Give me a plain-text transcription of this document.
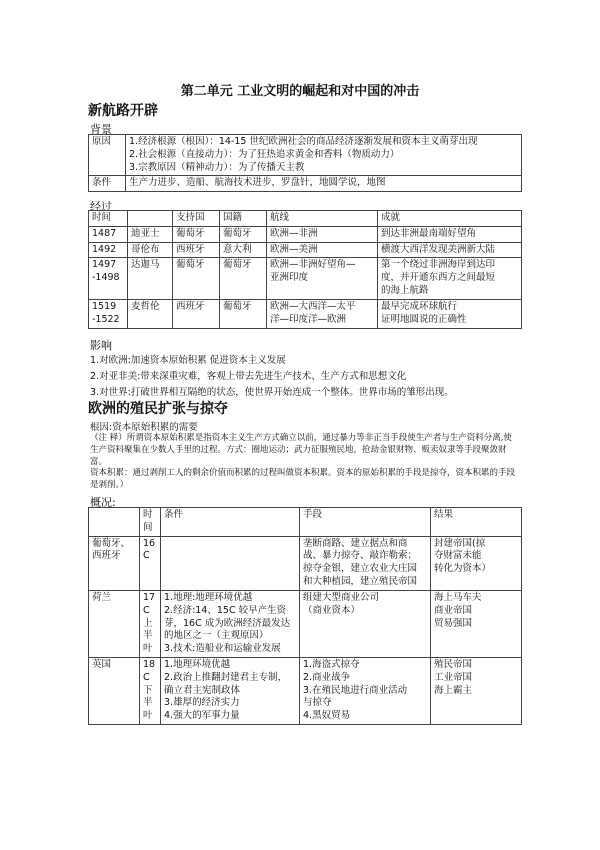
第二单元 工业文明的崛起和对中国的冲击
新航路开辟
背景
原因	1.经济根源（根因）：14-15 世纪欧洲社会的商品经济逐渐发展和资本主义萌芽出现
2.社会根源（直接动力）：为了狂热追求黄金和香料（物质动力）
3.宗教原因（精神动力）：为了传播天主教

条件	生产力进步、造船、航海技术进步，罗盘针，地圆学说，地图
经过
时间		支持国	国籍	航线	成就
1487	迪亚士	葡萄牙	葡萄牙	欧洲—非洲	到达非洲最南端好望角
1492	哥伦布	西班牙	意大利	欧洲—美洲	横渡大西洋发现美洲新大陆
1497
-1498	达迦马	葡萄牙	葡萄牙	欧洲—非洲好望角—
亚洲印度	第一个绕过非洲海岸到达印
度，并开通东西方之间最短
的海上航路
1519
-1522	麦哲伦	西班牙	葡萄牙	欧洲—大西洋—太平
洋—印度洋—欧洲	最早完成环球航行
证明地圆说的正确性
影响
1.对欧洲:加速资本原始积累 促进资本主义发展
2.对亚非美:带来深重灾难，客观上带去先进生产技术、生产方式和思想文化
3.对世界:打破世界相互隔绝的状态，使世界开始连成一个整体。世界市场的雏形出现。
欧洲的殖民扩张与掠夺
根因:资本原始积累的需要
（注 释）所谓资本原始积累是指资本主义生产方式确立以前，通过暴力等非正当手段使生产者与生产资料分离,使生产资料聚集在少数人手里的过程。方式：圈地运动；武力征服殖民地，抢劫金银财物、贩卖奴隶等手段聚敛财富。
资本积累：通过剥削工人的剩余价值而积累的过程叫做资本积累。资本的原始积累的手段是掠夺，资本积累的手段是剥削。）
概况:
	时
间	条件	手段	结果
葡萄牙、
西班牙	16
C		垄断商路、建立据点和商
战、暴力掠夺、敲诈勒索；
掠夺金银，建立农业大庄园
和大种植园，建立殖民帝国	封建帝国(掠
夺财富未能
转化为资本）
荷兰	17
C
上
半
叶	1.地理:地理环境优越
2.经济:14、15C 较早产生资
芽，16C 成为欧洲经济最发达
的地区之一（主观原因）
3.技术:造船业和运输业发展	组建大型商业公司
（商业资本）	海上马车夫
商业帝国
贸易强国
英国	18
C
下
半
叶	1.地理环境优越
2.政治上推翻封建君主专制，
确立君主宪制政体
3.雄厚的经济实力
4.强大的军事力量	1.海盗式掠夺
2.商业战争
3.在殖民地进行商业活动
与掠夺
4.黑奴贸易	殖民帝国
工业帝国
海上霸主
